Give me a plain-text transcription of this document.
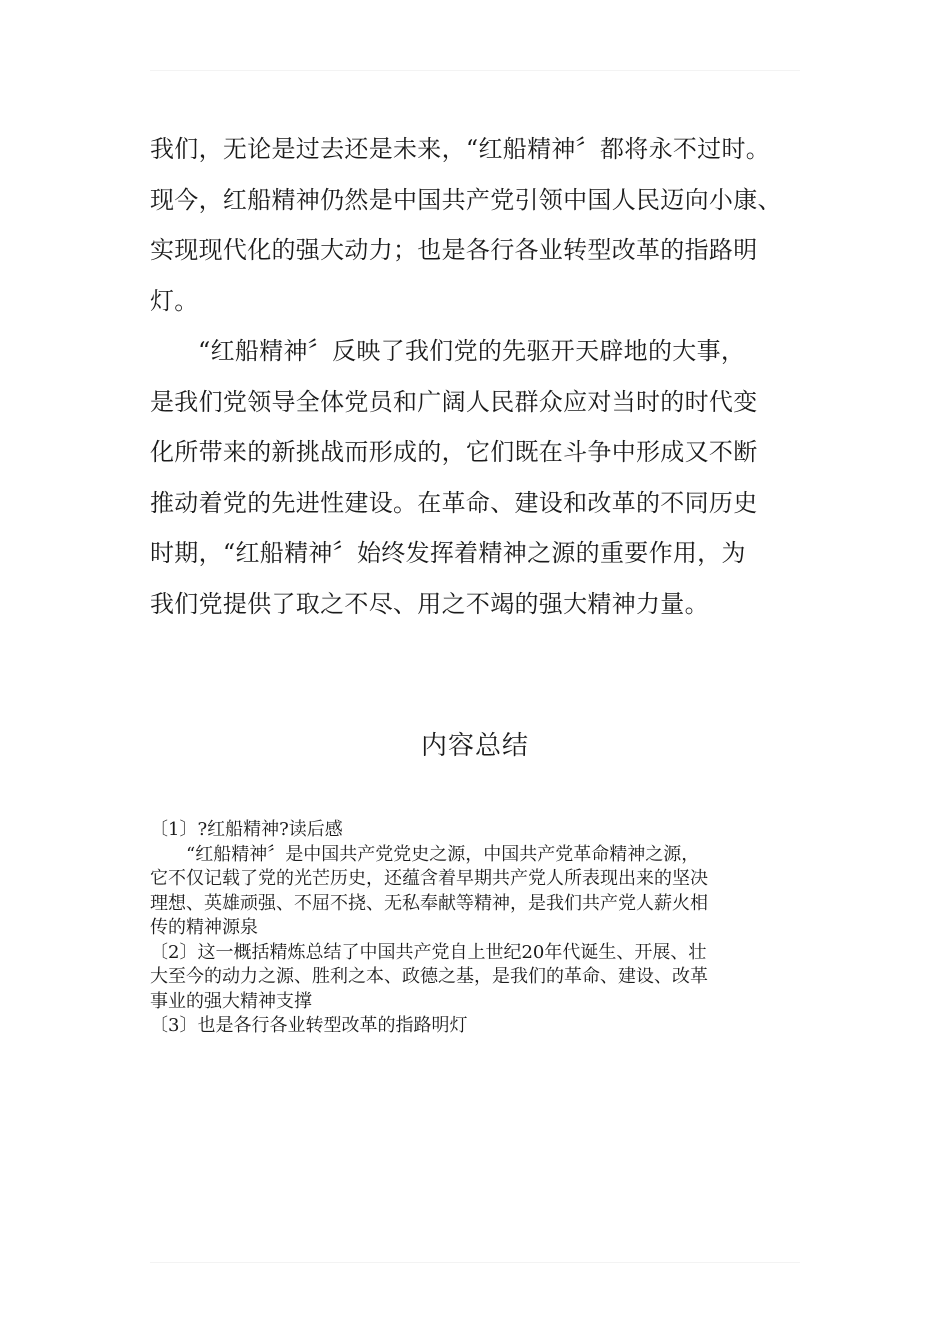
我们，无论是过去还是未来，“红船精神〞都将永不过时。

现今，红船精神仍然是中国共产党引领中国人民迈向小康、

实现现代化的强大动力；也是各行各业转型改革的指路明

灯。

“红船精神〞反映了我们党的先驱开天辟地的大事，

是我们党领导全体党员和广阔人民群众应对当时的时代变

化所带来的新挑战而形成的，它们既在斗争中形成又不断

推动着党的先进性建设。在革命、建设和改革的不同历史

时期，“红船精神〞始终发挥着精神之源的重要作用，为

我们党提供了取之不尽、用之不竭的强大精神力量。

内容总结

〔1〕?红船精神?读后感

“红船精神〞是中国共产党党史之源，中国共产党革命精神之源，

它不仅记载了党的光芒历史，还蕴含着早期共产党人所表现出来的坚决

理想、英雄顽强、不屈不挠、无私奉献等精神，是我们共产党人薪火相

传的精神源泉

〔2〕这一概括精炼总结了中国共产党自上世纪20年代诞生、开展、壮

大至今的动力之源、胜利之本、政德之基，是我们的革命、建设、改革

事业的强大精神支撑

〔3〕也是各行各业转型改革的指路明灯
